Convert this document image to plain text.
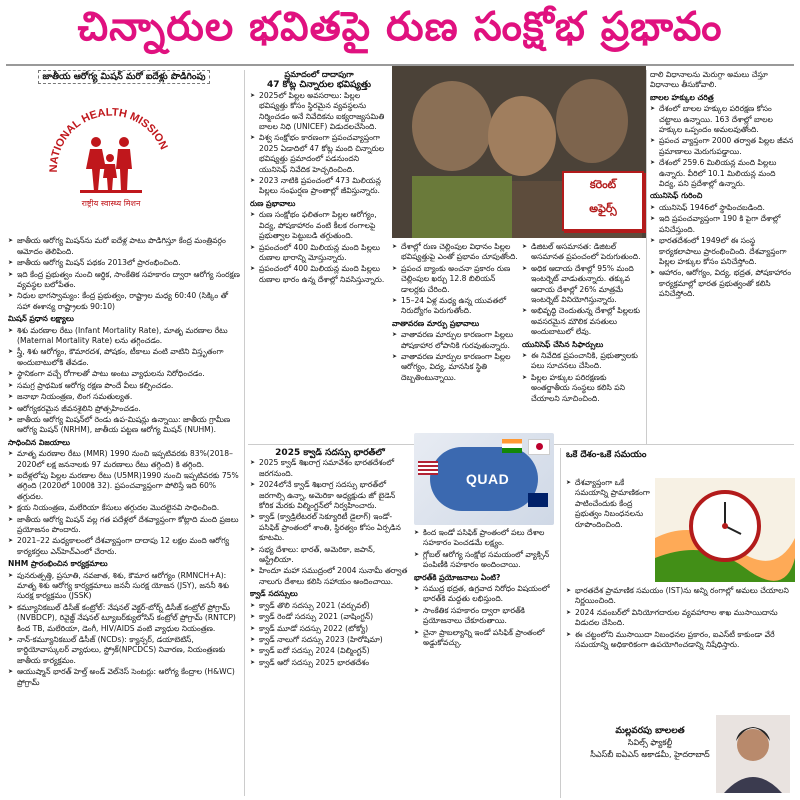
చిన్నారుల భవితపై రుణ సంక్షోభ ప్రభావం
జాతీయ ఆరోగ్య మిషన్ మరో ఐదేళ్లు పొడిగింపు
➤ జాతీయ ఆరోగ్య మిషన్‌ను మరో ఐదేళ్ల పాటు పొడిగిస్తూ కేంద్ర మంత్రివర్గం ఆమోదం తెలిపింది.
➤ జాతీయ ఆరోగ్య మిషన్ పథకం 2013లో ప్రారంభించింది.
➤ ఇది కేంద్ర ప్రభుత్వం నుంచి ఆర్థిక, సాంకేతిక సహకారం ద్వారా ఆరోగ్య సంరక్షణ వ్యవస్థల బలోపేతం.
➤ నిధుల భాగస్వామ్యం: కేంద్ర ప్రభుత్వం, రాష్ట్రాల మధ్య 60:40 (సిక్కిం తో సహా ఈశాన్య రాష్ట్రాలకు 90:10)
మిషన్ ప్రధాన లక్ష్యాలు
➤ శిశు మరణాల రేటు (Infant Mortality Rate), మాతృ మరణాల రేటు (Maternal Mortality Rate) లను తగ్గించడం.
➤ స్త్రీ, శిశు ఆరోగ్యం, కౌమారదశ, పోషకం, టీకాలు వంటి వాటిని విస్తృతంగా అందుబాటులోకి తేవడం.
➤ స్థానికంగా వచ్చే రోగాలతో పాటు అంటు వ్యాధులను నిరోధించడం.
➤ సమగ్ర ప్రాథమిక ఆరోగ్య రక్షణ పొందే వీలు కల్పించడం.
➤ జనాభా నియంత్రణ, లింగ సమతుల్యత.
➤ ఆరోగ్యకరమైన జీవనశైలిని ప్రోత్సహించడం.
➤ జాతీయ ఆరోగ్య మిషన్‌లో రెండు ఉప-మిషన్లు ఉన్నాయి: జాతీయ గ్రామీణ ఆరోగ్య మిషన్ (NRHM), జాతీయ పట్టణ ఆరోగ్య మిషన్ (NUHM).
సాధించిన విజయాలు
➤ మాతృ మరణాల రేటు (MMR) 1990 నుంచి ఇప్పటివరకు 83%(2018–2020లో లక్ష జననాలకు 97 మరణాలు రేటు తగ్గింది) కి తగ్గింది.
➤ ఐదేళ్లలోపు పిల్లల మరణాల రేటు (U5MR)1990 నుంచి ఇప్పటివరకు 75% తగ్గింది (2020లో 1000కి 32). ప్రపంచవ్యాప్తంగా పోలిస్తే ఇది 60% తగ్గుదల.
➤ క్షయ నియంత్రణ, మలేరియా కేసులు తగ్గుదల మొదలైనవి సాధించింది.
➤ జాతీయ ఆరోగ్య మిషన్ వల్ల గత పదేళ్లలో దేశవ్యాప్తంగా కోట్లాది మంది ప్రజలు ప్రయోజనం పొందారు.
➤ 2021–22 మధ్యకాలంలో దేశవ్యాప్తంగా దాదాపు 12 లక్షల మంది ఆరోగ్య కార్యకర్తలు ఎన్‌హెచ్ఎంలో చేరారు.
NHM ప్రారంభించిన కార్యక్రమాలు
➤ పునరుత్పత్తి, ప్రసూతి, నవజాత, శిశు, కౌమార ఆరోగ్యం (RMNCH+A): మాతృ శిశు ఆరోగ్య కార్యక్రమాలు జననీ సురక్ష యోజన (JSY), జననీ శిశు సురక్ష కార్యక్రమం (JSSK)
➤ కమ్యూనికబుల్ డిసీజ్ కంట్రోల్: నేషనల్ వెక్టర్-బోర్న్ డిసీజ్ కంట్రోల్ ప్రోగ్రామ్ (NVBDCP), రివైజ్డ్ నేషనల్ ట్యూబర్‌క్యులోసిస్ కంట్రోల్ ప్రోగ్రామ్ (RNTCP) కింద TB, మలేరియా, డెంగీ, HIV/AIDS వంటి వ్యాధుల నియంత్రణ.
➤ నాన్-కమ్యూనికబుల్ డిసీజ్ (NCDs): క్యాన్సర్, డయాబెటిస్, కార్డియోవాస్కులర్ వ్యాధులు, స్ట్రోక్(NPCDCS) నివారణ, నియంత్రణకు జాతీయ కార్యక్రమం.
➤ ఆయుష్మాన్ భారత్ హెల్త్ అండ్ వెల్‌నెస్ సెంటర్లు: ఆరోగ్య కేంద్రాల (H&WC) ప్రోగ్రామ్
NATIONAL HEALTH MISSION
राष्ट्रीय स्वास्थ्य मिशन
ప్రమాదంలో దాదాపుగా
47 కోట్ల చిన్నారుల భవిష్యత్తు
➤ 2025లో పిల్లల అవసరాలు: పిల్లల భవిష్యత్తు కోసం స్థిరమైన వ్యవస్థలను నిర్మించడం అనే నివేదికను ఐక్యరాజ్యసమితి బాలల నిధి (UNICEF) విడుదలచేసింది.
➤ విశ్వ సంక్షోభం కారణంగా ప్రపంచవ్యాప్తంగా 2025 ఏడాదిలో 47 కోట్ల మంది చిన్నారుల భవిష్యత్తు ప్రమాదంలో పడనుందని యునిసెఫ్ నివేదిక హెచ్చరించింది.
➤ 2023 నాటికి ప్రపంచంలో 473 మిలియన్ల పిల్లలు సంఘర్షణ ప్రాంతాల్లో జీవిస్తున్నారు.
రుణ ప్రభావాలు
➤ రుణ సంక్షోభం ఫలితంగా పిల్లల ఆరోగ్యం, విద్య, పోషకాహారం వంటి కీలక రంగాలపై ప్రభుత్వాల పెట్టుబడి తగ్గుతుంది.
➤ ప్రపంచంలో 400 మిలియన్ల మంది పిల్లలు రుణాల భారాన్ని మోస్తున్నారు.
➤ ప్రపంచంలో 400 మిలియన్ల మంది పిల్లలు రుణాల భారం ఉన్న దేశాల్లో నివసిస్తున్నారు.
కరెంట్
అఫైర్స్
➤ దేశాల్లో రుణ చెల్లింపుల విధానం పిల్లల భవిష్యత్తుపై ఎంతో ప్రభావం చూపుతోంది.
➤ ప్రపంచ బ్యాంకు అంచనా ప్రకారం రుణ చెల్లింపుల ఖర్చు 12.8 బిలియన్ డాలర్లకు చేరింది.
➤ 15–24 ఏళ్ల మధ్య ఉన్న యువతలో నిరుద్యోగం పెరుగుతోంది.
వాతావరణ మార్పు ప్రభావాలు
➤ వాతావరణ మార్పుల కారణంగా పిల్లలు పోషకాహార లోపానికి గురవుతున్నారు.
➤ వాతావరణ మార్పుల కారణంగా పిల్లల ఆరోగ్యం, విద్య, మానసిక స్థితి దెబ్బతింటున్నాయి.
➤ డిజిటల్ అసమానత: డిజిటల్ అసమానత ప్రపంచంలో పెరుగుతుంది.
➤ అధిక ఆదాయ దేశాల్లో 95% మంది ఇంటర్నెట్ వాడుతున్నారు. తక్కువ ఆదాయ దేశాల్లో 26% మాత్రమే ఇంటర్నెట్ వినియోగిస్తున్నారు.
➤ అభివృద్ధి చెందుతున్న దేశాల్లో పిల్లలకు అవసరమైన మౌలిక వసతులు అందుబాటులో లేవు.
యునిసెఫ్ చేసిన సిఫార్సులు
➤ ఈ నివేదిక ప్రపంచానికి, ప్రభుత్వాలకు పలు సూచనలు చేసింది.
➤ పిల్లల హక్కుల పరిరక్షణకు అంతర్జాతీయ సంస్థలు కలిసి పని చేయాలని సూచించింది.

దాలి విధానాలను మెరుగ్గా అమలు చేస్తూ విధానాలు తీసుకోవాలి.

బాలల హక్కుల చరిత్ర
➤ దేశంలో బాలల హక్కుల పరిరక్షణ కోసం చట్టాలు ఉన్నాయి. 163 దేశాల్లో బాలల హక్కుల ఒప్పందం అమలవుతోంది.
➤ ప్రపంచ వ్యాప్తంగా 2000 తర్వాత పిల్లల జీవన ప్రమాణాలు మెరుగుపడ్డాయి.
➤ దేశంలో 259.6 మిలియన్ల మంది పిల్లలు ఉన్నారు. వీరిలో 10.1 మిలియన్ల మంది విద్య, పని ప్రదేశాల్లో ఉన్నారు.
యునిసెఫ్ గురించి
➤ యునిసెఫ్ 1946లో స్థాపించబడింది.
➤ ఇది ప్రపంచవ్యాప్తంగా 190 కి పైగా దేశాల్లో పనిచేస్తుంది.
➤ భారతదేశంలో 1949లో ఈ సంస్థ కార్యకలాపాలు ప్రారంభించింది. దేశవ్యాప్తంగా పిల్లల హక్కుల కోసం పనిచేస్తోంది.
➤ ఆహారం, ఆరోగ్యం, విద్య, భద్రత, పోషకాహారం కార్యక్రమాల్లో భారత ప్రభుత్వంతో కలిసి పనిచేస్తోంది.
2025 క్వాడ్ సదస్సు భారత్‌లో
➤ 2025 క్వాడ్ శిఖరాగ్ర సమావేశం భారతదేశంలో జరగనుంది.
➤ 2024లోనే క్వాడ్ శిఖరాగ్ర సదస్సు భారత్‌లో జరగాల్సి ఉన్నా, అమెరికా అధ్యక్షుడు జో బైడెన్ కోరిక మేరకు విల్మింగ్టన్‌లో నిర్వహించారు.
➤ క్వాడ్ (క్వాడ్రిలేటరల్ సెక్యూరిటీ డైలాగ్) ఇండో-పసిఫిక్ ప్రాంతంలో శాంతి, స్థిరత్వం కోసం ఏర్పడిన కూటమి.
➤ సభ్య దేశాలు: భారత్, అమెరికా, జపాన్, ఆస్ట్రేలియా.
➤ హిందూ మహా సముద్రంలో 2004 సునామీ తర్వాత నాలుగు దేశాలు కలిసి సహాయం అందించాయి.
క్వాడ్ సదస్సులు
➤ క్వాడ్ తొలి సదస్సు 2021 (వర్చువల్)
➤ క్వాడ్ రెండో సదస్సు 2021 (వాషింగ్టన్)
➤ క్వాడ్ మూడో సదస్సు 2022 (టోక్యో)
➤ క్వాడ్ నాలుగో సదస్సు 2023 (హిరోషిమా)
➤ క్వాడ్ ఐదో సదస్సు 2024 (విల్మింగ్టన్)
➤ క్వాడ్ ఆరో సదస్సు 2025 భారతదేశం
QUAD
➤ కింద ఇండో పసిఫిక్ ప్రాంతంలో పలు దేశాల సహకారం పెంచడమే లక్ష్యం.
➤ గ్లోబల్ ఆరోగ్య సంక్షోభ సమయంలో వ్యాక్సిన్ పంపిణీకి సహకారం అందించాయి.
భారత్‌కి ప్రయోజనాలు ఏంటి?
➤ సముద్ర భద్రత, ఉగ్రవాద నిరోధం విషయంలో భారత్‌కి మద్దతు లభిస్తుంది.
➤ సాంకేతిక సహకారం ద్వారా భారత్‌కి ప్రయోజనాలు చేకూరుతాయి.
➤ చైనా ప్రాబల్యాన్ని ఇండో పసిఫిక్ ప్రాంతంలో అడ్డుకోవచ్చు.
ఒకే దేశం-ఒకే సమయం
➤ దేశవ్యాప్తంగా ఒకే సమయాన్ని ప్రామాణికంగా పాటించేందుకు కేంద్ర ప్రభుత్వం నిబంధనలను రూపొందించింది.
➤ భారతదేశ ప్రామాణిక సమయం (IST)ను అన్ని రంగాల్లో అమలు చేయాలని నిర్ణయించింది.
➤ 2024 నవంబర్‌లో వినియోగదారుల వ్యవహారాల శాఖ ముసాయిదాను విడుదల చేసింది.
➤ ఈ చట్టంలోని ముసాయిదా నిబంధనల ప్రకారం, ఐఎస్‌టీ కాకుండా వేరే సమయాన్ని అధికారికంగా ఉపయోగించడాన్ని నిషేధిస్తారు.
మల్లవరపు బాలలత
సివిల్స్ ఫ్యాకల్టీ
సీఎస్‌బీ ఐఏఎస్ అకాడమీ, హైదరాబాద్
